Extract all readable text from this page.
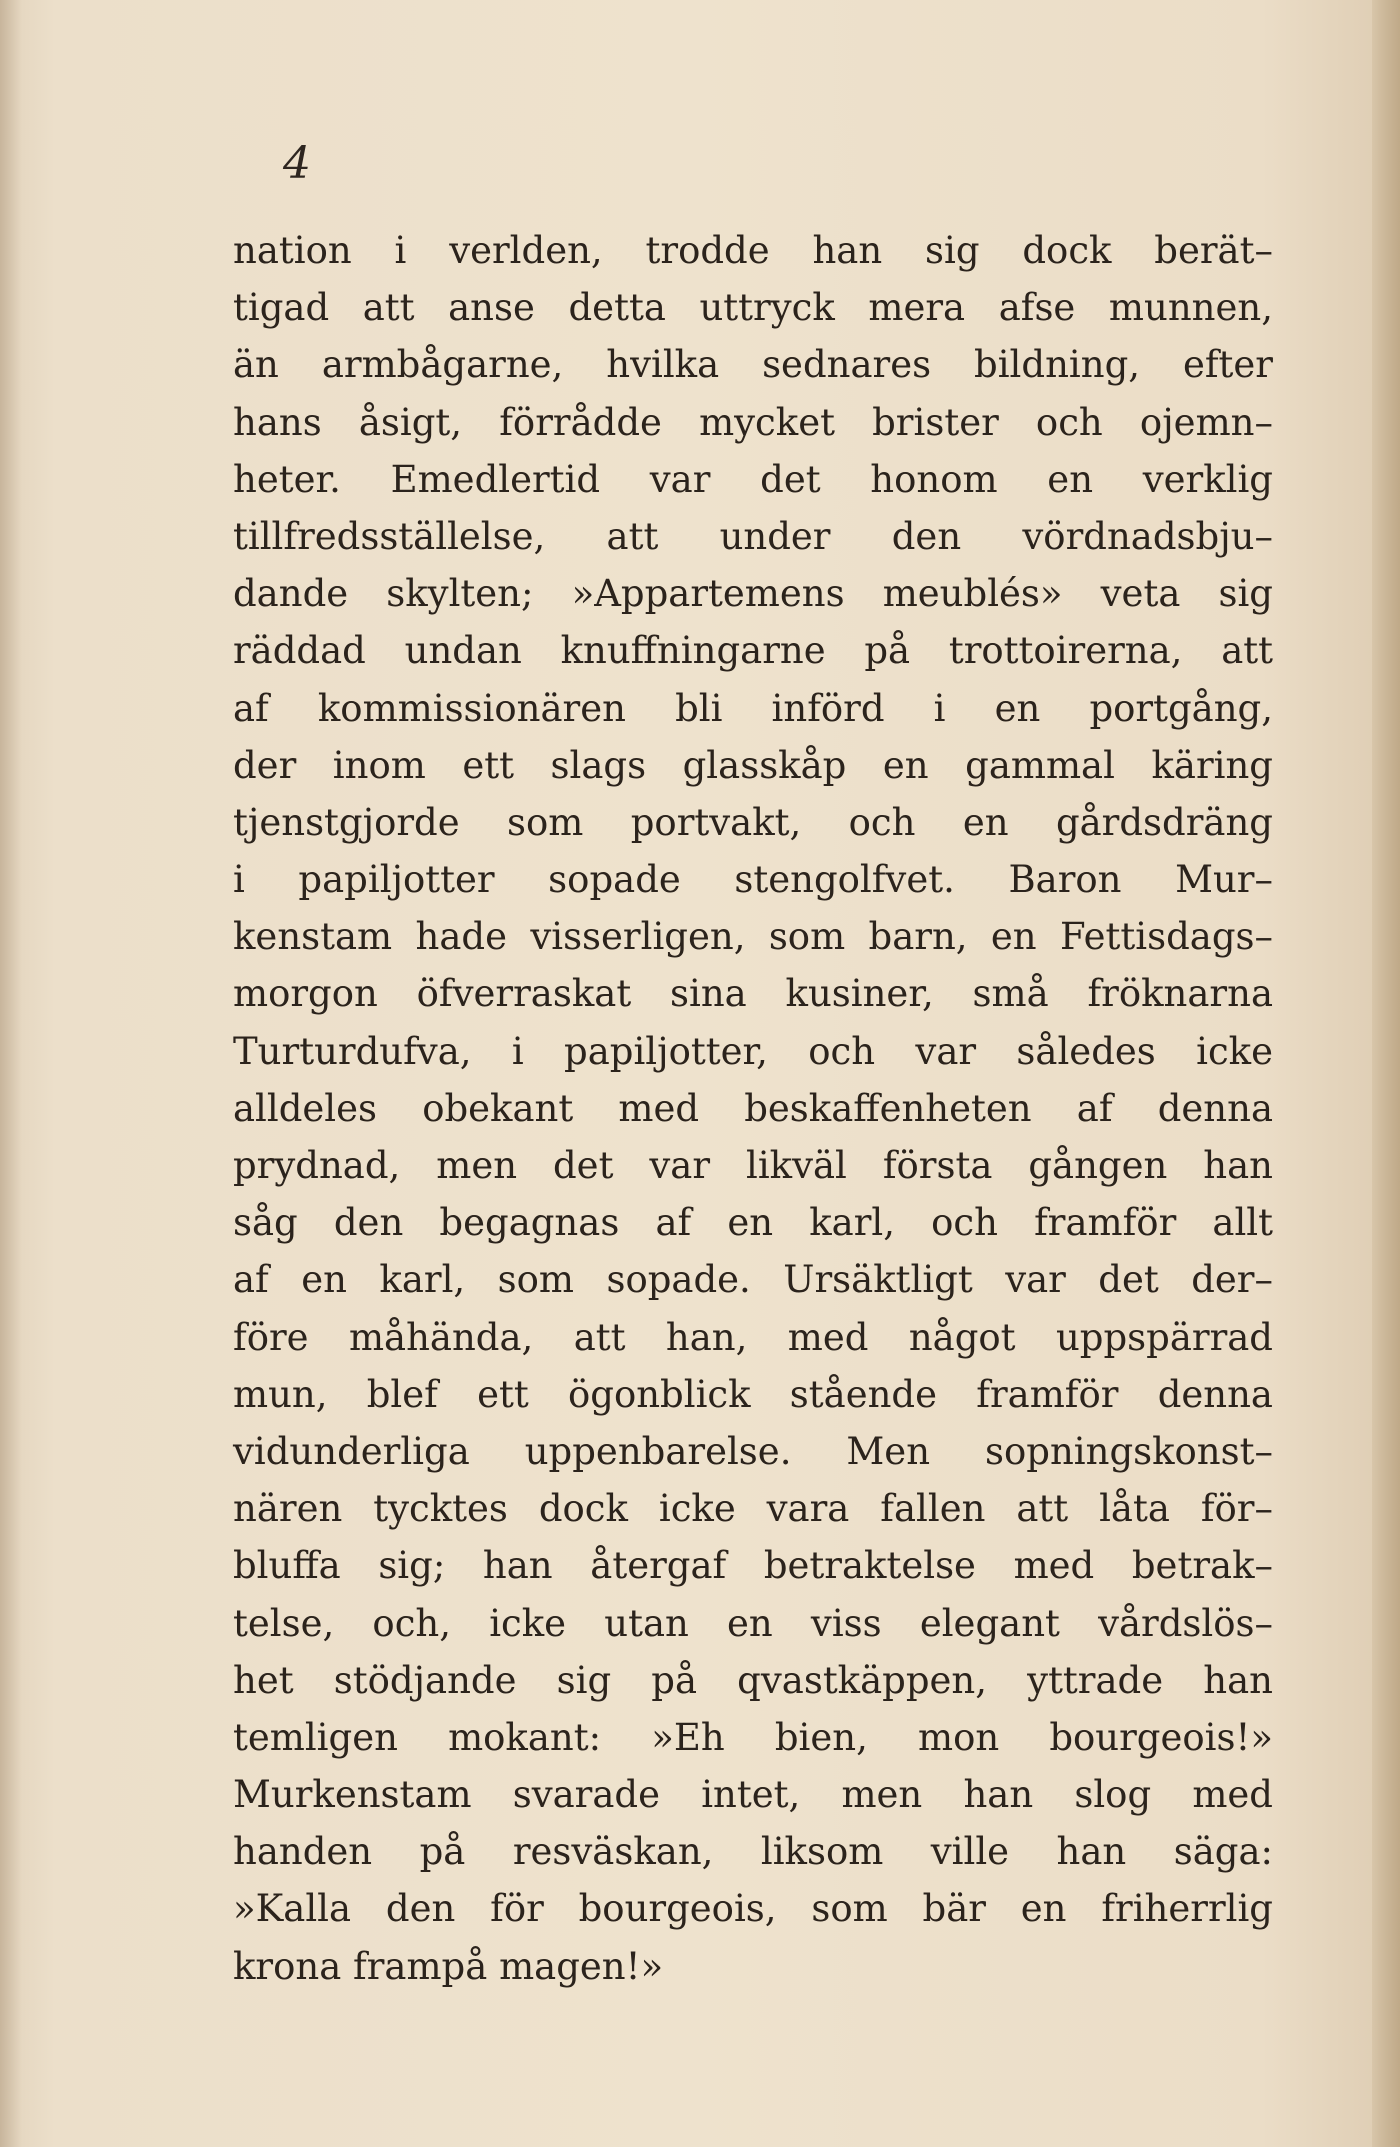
4
nation i verlden, trodde han sig dock berät–
tigad att anse detta uttryck mera afse munnen,
än armbågarne, hvilka sednares bildning, efter
hans åsigt, förrådde mycket brister och ojemn–
heter. Emedlertid var det honom en verklig
tillfredsställelse, att under den vördnadsbju–
dande skylten; »Appartemens meublés» veta sig
räddad undan knuffningarne på trottoirerna, att
af kommissionären bli införd i en portgång,
der inom ett slags glasskåp en gammal käring
tjenstgjorde som portvakt, och en gårdsdräng
i papiljotter sopade stengolfvet. Baron Mur–
kenstam hade visserligen, som barn, en Fettisdags–
morgon öfverraskat sina kusiner, små fröknarna
Turturdufva, i papiljotter, och var således icke
alldeles obekant med beskaffenheten af denna
prydnad, men det var likväl första gången han
såg den begagnas af en karl, och framför allt
af en karl, som sopade. Ursäktligt var det der–
före måhända, att han, med något uppspärrad
mun, blef ett ögonblick stående framför denna
vidunderliga uppenbarelse. Men sopningskonst–
nären tycktes dock icke vara fallen att låta för–
bluffa sig; han återgaf betraktelse med betrak–
telse, och, icke utan en viss elegant vårdslös–
het stödjande sig på qvastkäppen, yttrade han
temligen mokant: »Eh bien, mon bourgeois!»
Murkenstam svarade intet, men han slog med
handen på resväskan, liksom ville han säga:
»Kalla den för bourgeois, som bär en friherrlig
krona frampå magen!»
